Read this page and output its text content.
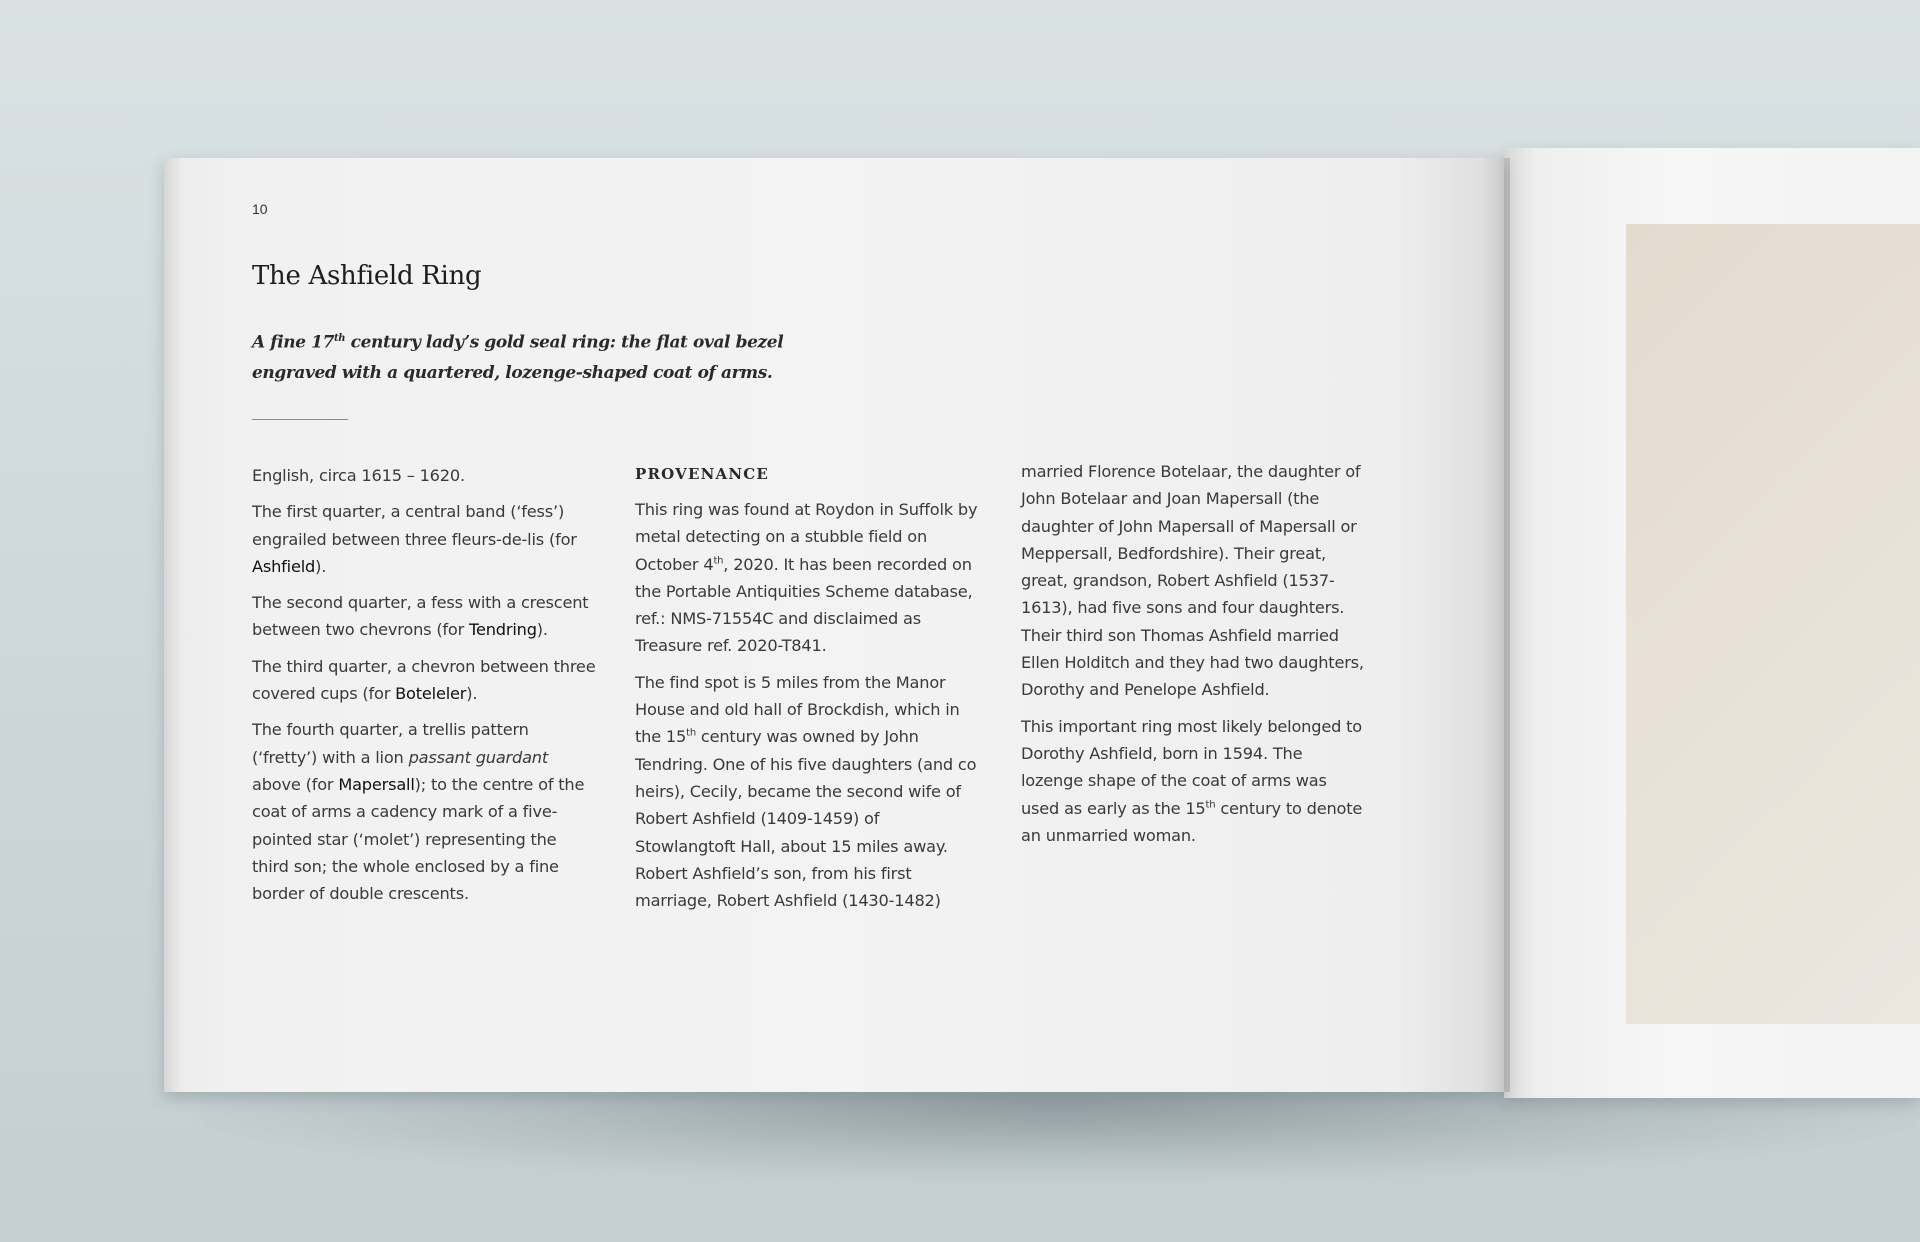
10
The Ashfield Ring
A fine 17th century lady’s gold seal ring: the flat oval bezel engraved with a quartered, lozenge-shaped coat of arms.

English, circa 1615 – 1620.

The first quarter, a central band (‘fess’) engrailed between three fleurs-de-lis (for Ashfield).

The second quarter, a fess with a crescent between two chevrons (for Tendring).

The third quarter, a chevron between three covered cups (for Boteleler).

The fourth quarter, a trellis pattern (‘fretty’) with a lion passant guardant above (for Mapersall); to the centre of the coat of arms a cadency mark of a five-pointed star (‘molet’) representing the third son; the whole enclosed by a fine border of double crescents.

PROVENANCE

This ring was found at Roydon in Suffolk by metal detecting on a stubble field on October 4th, 2020. It has been recorded on the Portable Antiquities Scheme database, ref.: NMS-71554C and disclaimed as Treasure ref. 2020-T841.

The find spot is 5 miles from the Manor House and old hall of Brockdish, which in the 15th century was owned by John Tendring. One of his five daughters (and co heirs), Cecily, became the second wife of Robert Ashfield (1409-1459) of Stowlangtoft Hall, about 15 miles away. Robert Ashfield’s son, from his first marriage, Robert Ashfield (1430-1482)

married Florence Botelaar, the daughter of John Botelaar and Joan Mapersall (the daughter of John Mapersall of Mapersall or Meppersall, Bedfordshire). Their great, great, grandson, Robert Ashfield (1537-1613), had five sons and four daughters. Their third son Thomas Ashfield married Ellen Holditch and they had two daughters, Dorothy and Penelope Ashfield.

This important ring most likely belonged to Dorothy Ashfield, born in 1594. The lozenge shape of the coat of arms was used as early as the 15th century to denote an unmarried woman.
